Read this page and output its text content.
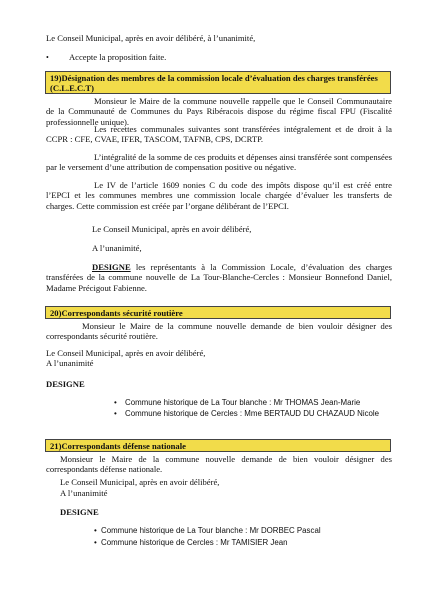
Le Conseil Municipal, après en avoir délibéré, à l’unanimité,
• Accepte la proposition faite.
19)Désignation des membres de la commission locale d’évaluation des charges transférées (C.L.E.C.T)
Monsieur le Maire de la commune nouvelle rappelle que le Conseil Communautaire de la Communauté de Communes du Pays Ribéracois dispose du régime fiscal FPU (Fiscalité professionnelle unique).
Les recettes communales suivantes sont transférées intégralement et de droit à la CCPR : CFE, CVAE, IFER, TASCOM, TAFNB, CPS, DCRTP.
L’intégralité de la somme de ces produits et dépenses ainsi transférée sont compensées par le versement d’une attribution de compensation positive ou négative.
Le IV de l’article 1609 nonies C du code des impôts dispose qu’il est créé entre l’EPCI et les communes membres une commission locale chargée d’évaluer les transferts de charges. Cette commission est créée par l’organe délibérant de l’EPCI.
Le Conseil Municipal, après en avoir délibéré,
A l’unanimité,
DESIGNE les représentants à la Commission Locale, d’évaluation des charges transférées de la commune nouvelle de La Tour-Blanche-Cercles : Monsieur Bonnefond Daniel, Madame Précigout Fabienne.
20)Correspondants sécurité routière
Monsieur le Maire de la commune nouvelle demande de bien vouloir désigner des correspondants sécurité routière.
Le Conseil Municipal, après en avoir délibéré,
A l’unanimité
DESIGNE
• Commune historique de La Tour blanche : Mr THOMAS Jean-Marie
• Commune historique de Cercles : Mme BERTAUD DU CHAZAUD Nicole
21)Correspondants défense nationale
Monsieur le Maire de la commune nouvelle demande de bien vouloir désigner des correspondants défense nationale.
Le Conseil Municipal, après en avoir délibéré,
A l’unanimité
DESIGNE
• Commune historique de La Tour blanche : Mr DORBEC Pascal
• Commune historique de Cercles : Mr TAMISIER Jean
